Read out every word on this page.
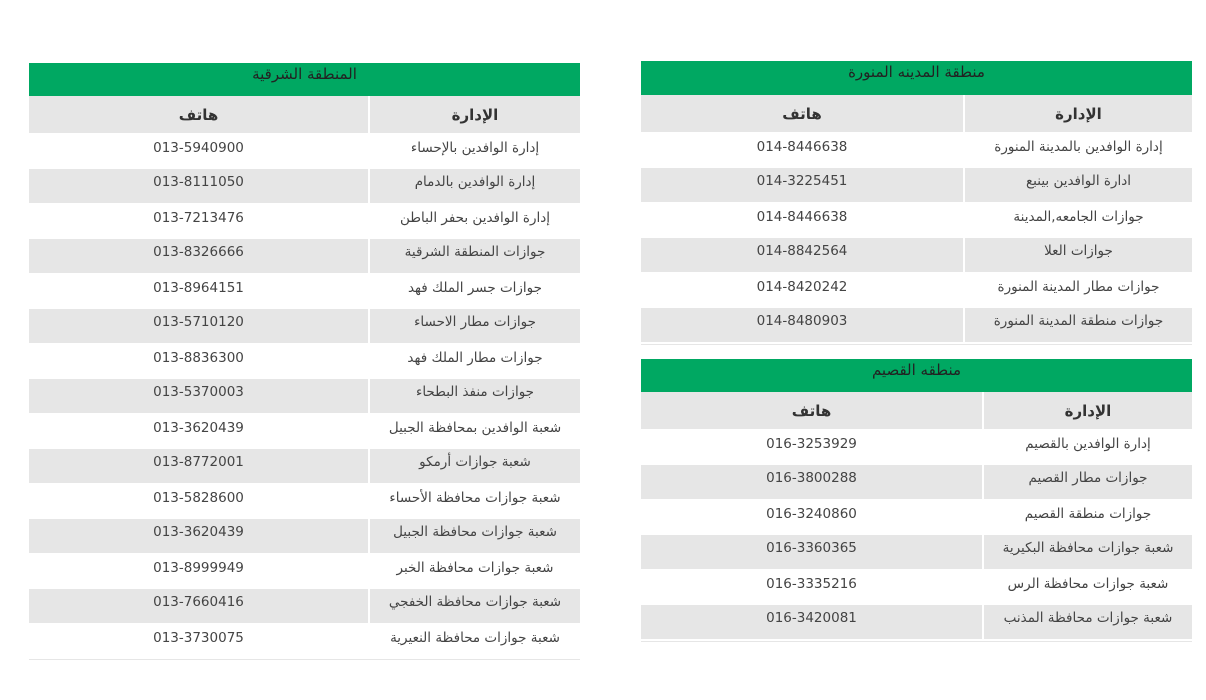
المنطقة الشرقية
الإدارة	هاتف
إدارة الوافدين بالإحساء	013-5940900
إدارة الوافدين بالدمام	013-8111050
إدارة الوافدين بحفر الباطن	013-7213476
جوازات المنطقة الشرقية	013-8326666
جوازات جسر الملك فهد	013-8964151
جوازات مطار الاحساء	013-5710120
جوازات مطار الملك فهد	013-8836300
جوازات منفذ البطحاء	013-5370003
شعبة الوافدين بمحافظة الجبيل	013-3620439
شعبة جوازات أرمكو	013-8772001
شعبة جوازات محافظة الأحساء	013-5828600
شعبة جوازات محافظة الجبيل	013-3620439
شعبة جوازات محافظة الخبر	013-8999949
شعبة جوازات محافظة الخفجي	013-7660416
شعبة جوازات محافظة النعيرية	013-3730075
منطقة المدينه المنورة
الإدارة	هاتف
إدارة الوافدين بالمدينة المنورة	014-8446638
ادارة الوافدين بينبع	014-3225451
جوازات الجامعه,المدينة	014-8446638
جوازات العلا	014-8842564
جوازات مطار المدينة المنورة	014-8420242
جوازات منطقة المدينة المنورة	014-8480903
منطقه القصيم
الإدارة	هاتف
إدارة الوافدين بالقصيم	016-3253929
جوازات مطار القصيم	016-3800288
جوازات منطقة القصيم	016-3240860
شعبة جوازات محافظة البكيرية	016-3360365
شعبة جوازات محافظة الرس	016-3335216
شعبة جوازات محافظة المذنب	016-3420081
